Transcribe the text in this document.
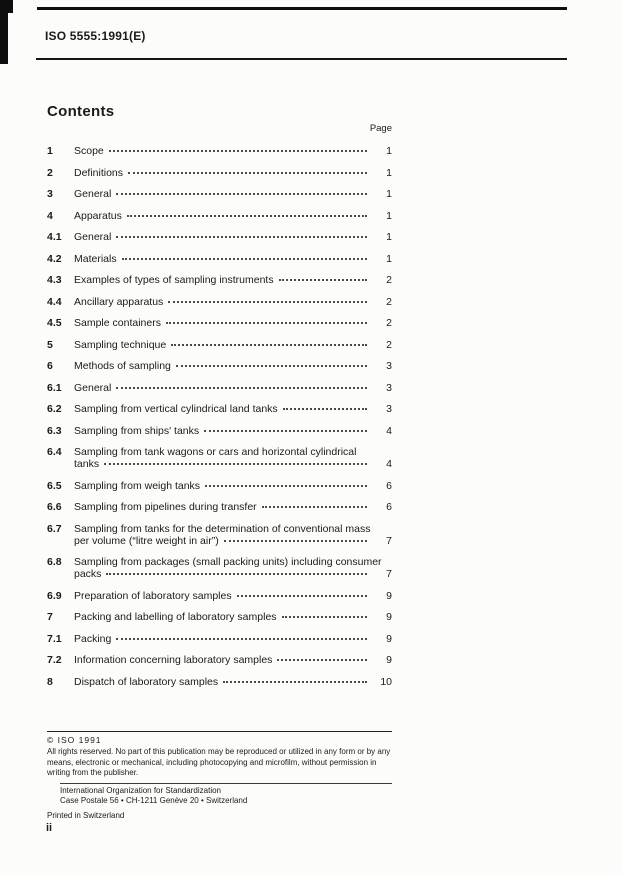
ISO 5555:1991(E)
Contents
Page
1	Scope	1
2	Definitions	1
3	General	1
4	Apparatus	1
4.1	General	1
4.2	Materials	1
4.3	Examples of types of sampling instruments	2
4.4	Ancillary apparatus	2
4.5	Sample containers	2
5	Sampling technique	2
6	Methods of sampling	3
6.1	General	3
6.2	Sampling from vertical cylindrical land tanks	3
6.3	Sampling from ships' tanks	4
6.4	Sampling from tank wagons or cars and horizontal cylindrical
tanks	4
6.5	Sampling from weigh tanks	6
6.6	Sampling from pipelines during transfer	6
6.7	Sampling from tanks for the determination of conventional mass
per volume (“litre weight in air”)	7
6.8	Sampling from packages (small packing units) including consumer
packs	7
6.9	Preparation of laboratory samples	9
7	Packing and labelling of laboratory samples	9
7.1	Packing	9
7.2	Information concerning laboratory samples	9
8	Dispatch of laboratory samples	10
© ISO 1991
All rights reserved. No part of this publication may be reproduced or utilized in any form or by any means, electronic or mechanical, including photocopying and microfilm, without permission in writing from the publisher.
International Organization for Standardization
Case Postale 56 • CH-1211 Genève 20 • Switzerland
Printed in Switzerland
ii
